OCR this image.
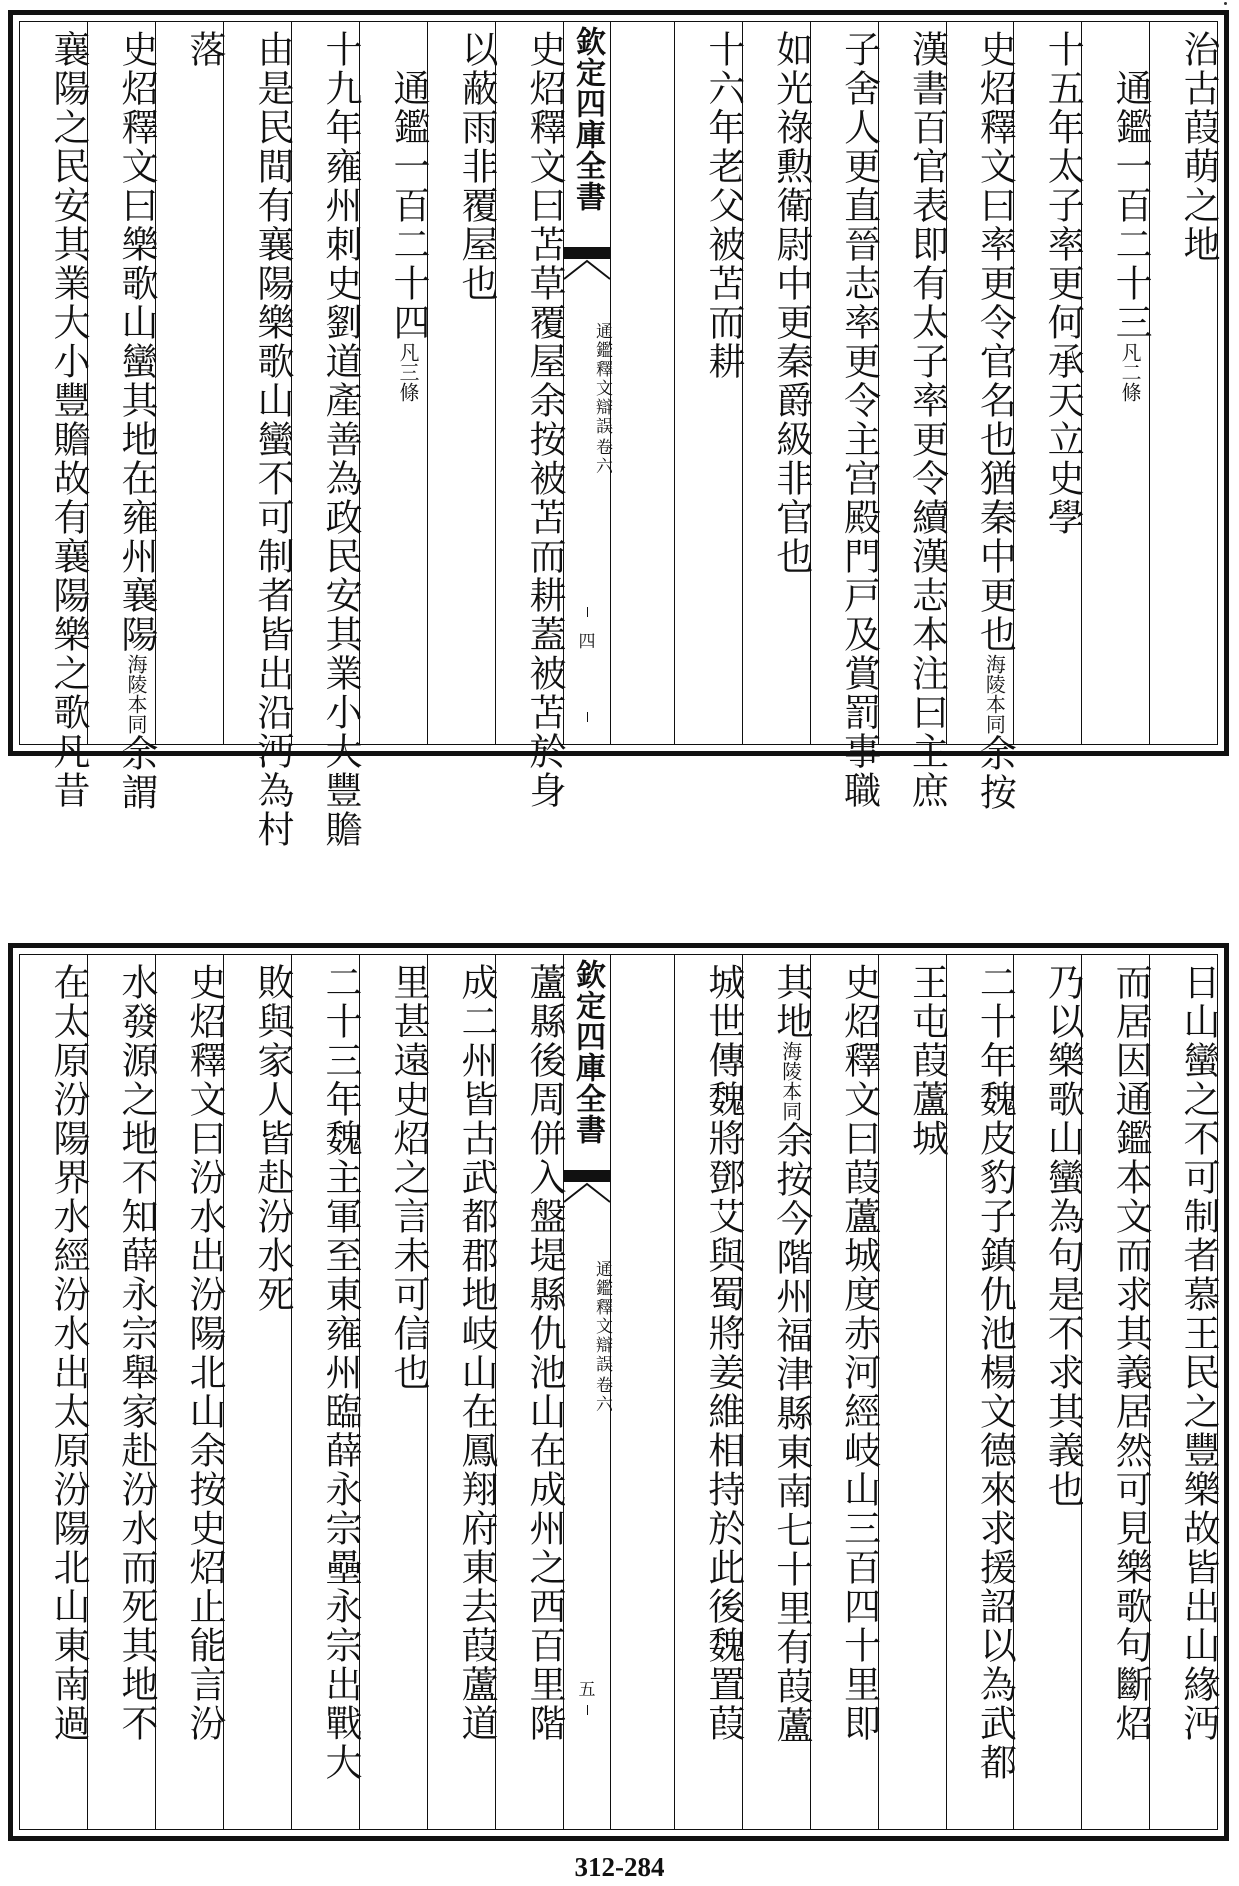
治古葭萌之地
　通鑑一百二十三凡二條
十五年太子率更何承天立史學
史炤釋文曰率更令官名也猶秦中更也海陵本同余按
漢書百官表即有太子率更令續漢志本注曰主庶
子舍人更直晉志率更令主宫殿門戸及賞罰事職
如光祿勲衛尉中更秦爵級非官也
十六年老父被苫而耕
欽定四庫全書
通鑑釋文辯誤
卷六
四
史炤釋文曰苫草覆屋余按被苫而耕蓋被苫於身
以蔽雨非覆屋也
　通鑑一百二十四凡三條
十九年雍州刺史劉道產善為政民安其業小大豐贍
由是民間有襄陽樂歌山蠻不可制者皆出沿沔為村
落
史炤釋文曰樂歌山蠻其地在雍州襄陽海陵本同余謂
襄陽之民安其業大小豐贍故有襄陽樂之歌凡昔
日山蠻之不可制者慕王民之豐樂故皆出山緣沔
而居因通鑑本文而求其義居然可見樂歌句斷炤
乃以樂歌山蠻為句是不求其義也
二十年魏皮豹子鎮仇池楊文德來求援詔以為武都
王屯葭蘆城
史炤釋文曰葭蘆城度赤河經岐山三百四十里即
其地海陵本同余按今階州福津縣東南七十里有葭蘆
城世傳魏將鄧艾與蜀將姜維相持於此後魏置葭
欽定四庫全書
通鑑釋文辯誤
卷六
五
蘆縣後周併入盤堤縣仇池山在成州之西百里階
成二州皆古武都郡地岐山在鳳翔府東去葭蘆道
里甚遠史炤之言未可信也
二十三年魏主軍至東雍州臨薛永宗壘永宗出戰大
敗與家人皆赴汾水死
史炤釋文曰汾水出汾陽北山余按史炤止能言汾
水發源之地不知薛永宗舉家赴汾水而死其地不
在太原汾陽界水經汾水出太原汾陽北山東南過
312-284
